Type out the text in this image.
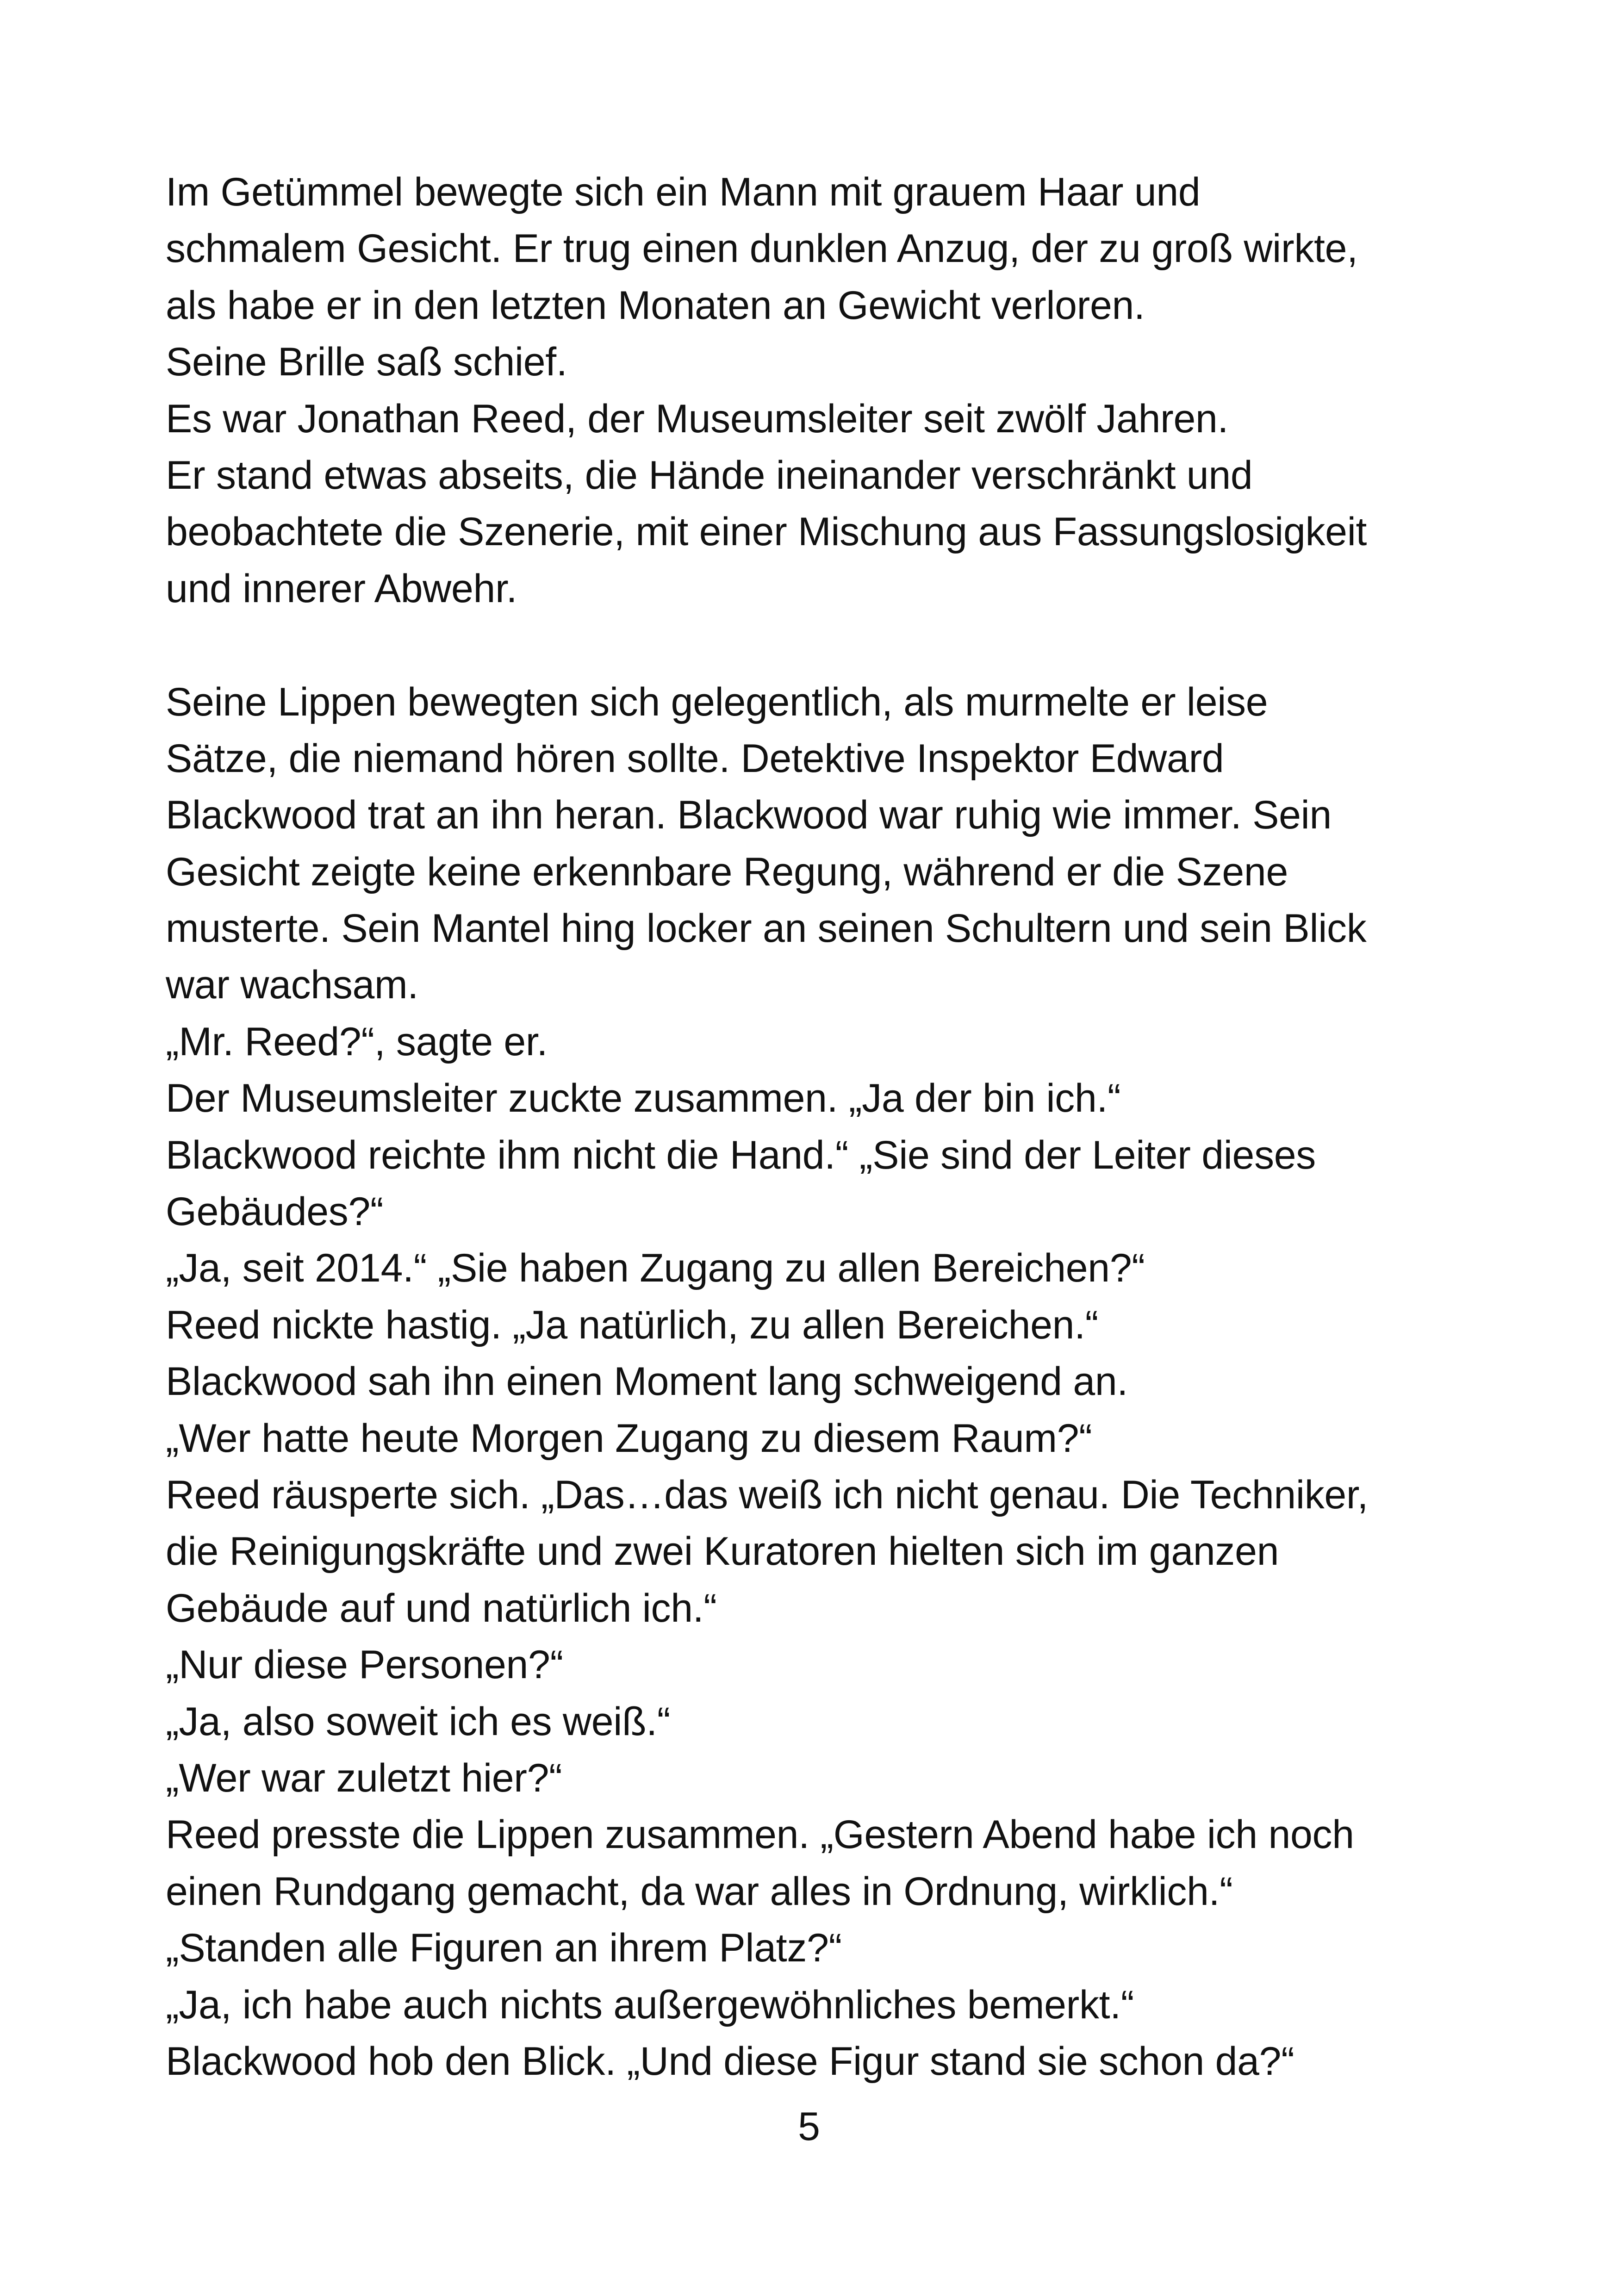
Im Getümmel bewegte sich ein Mann mit grauem Haar und
schmalem Gesicht. Er trug einen dunklen Anzug, der zu groß wirkte,
als habe er in den letzten Monaten an Gewicht verloren.
Seine Brille saß schief.
Es war Jonathan Reed, der Museumsleiter seit zwölf Jahren.
Er stand etwas abseits, die Hände ineinander verschränkt und
beobachtete die Szenerie, mit einer Mischung aus Fassungslosigkeit
und innerer Abwehr.
Seine Lippen bewegten sich gelegentlich, als murmelte er leise
Sätze, die niemand hören sollte. Detektive Inspektor Edward
Blackwood trat an ihn heran. Blackwood war ruhig wie immer. Sein
Gesicht zeigte keine erkennbare Regung, während er die Szene
musterte. Sein Mantel hing locker an seinen Schultern und sein Blick
war wachsam.
„Mr. Reed?“, sagte er.
Der Museumsleiter zuckte zusammen. „Ja der bin ich.“
Blackwood reichte ihm nicht die Hand.“ „Sie sind der Leiter dieses
Gebäudes?“
„Ja, seit 2014.“ „Sie haben Zugang zu allen Bereichen?“
Reed nickte hastig. „Ja natürlich, zu allen Bereichen.“
Blackwood sah ihn einen Moment lang schweigend an.
„Wer hatte heute Morgen Zugang zu diesem Raum?“
Reed räusperte sich. „Das…das weiß ich nicht genau. Die Techniker,
die Reinigungskräfte und zwei Kuratoren hielten sich im ganzen
Gebäude auf und natürlich ich.“
„Nur diese Personen?“
„Ja, also soweit ich es weiß.“
„Wer war zuletzt hier?“
Reed presste die Lippen zusammen. „Gestern Abend habe ich noch
einen Rundgang gemacht, da war alles in Ordnung, wirklich.“
„Standen alle Figuren an ihrem Platz?“
„Ja, ich habe auch nichts außergewöhnliches bemerkt.“
Blackwood hob den Blick. „Und diese Figur stand sie schon da?“
5
